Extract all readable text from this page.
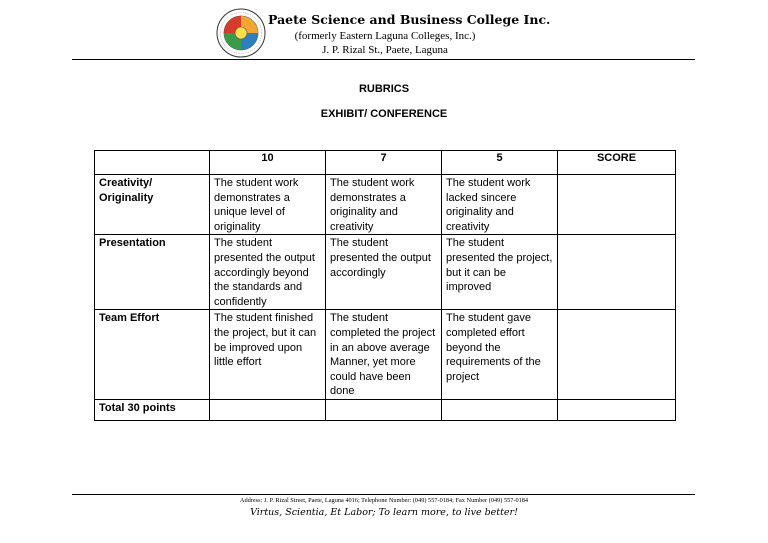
Paete Science and Business College Inc.
(formerly Eastern Laguna Colleges, Inc.)
J. P. Rizal St., Paete, Laguna
RUBRICS
EXHIBIT/ CONFERENCE
	10	7	5	SCORE
Creativity/ Originality	The student work demonstrates a unique level of originality	The student work demonstrates a originality and creativity	The student work lacked sincere originality and creativity	
Presentation	The student presented the output accordingly beyond the standards and confidently	The student presented the output accordingly	The student presented the project, but it can be improved	
Team Effort	The student finished the project, but it can be improved upon little effort	The student completed the project in an above average Manner, yet more could have been done	The student gave completed effort beyond the requirements of the project	
Total 30 points				
Address: J. P. Rizal Street, Paete, Laguna 4016; Telephone Number: (049) 557-0184; Fax Number (049) 557-0184
Virtus, Scientia, Et Labor; To learn more, to live better!
